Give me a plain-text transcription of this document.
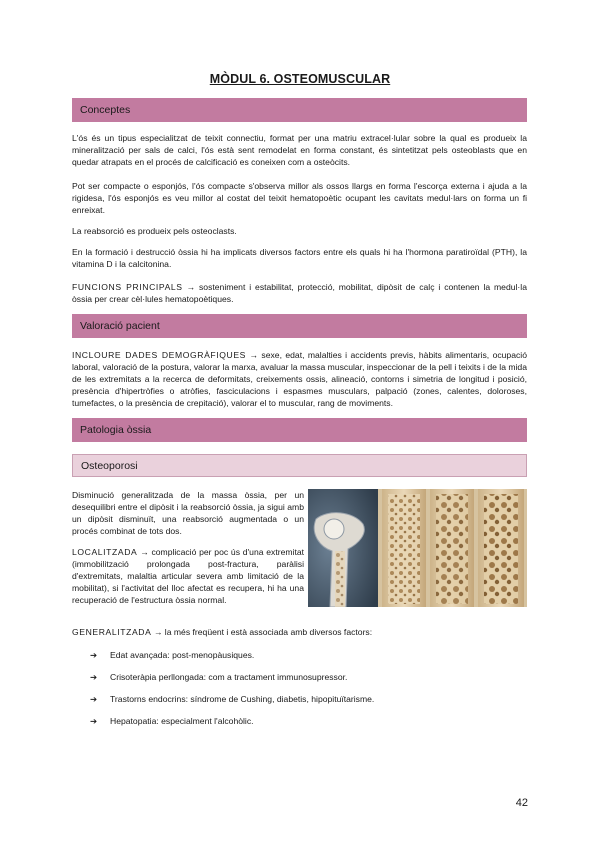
MÒDUL 6. OSTEOMUSCULAR
Conceptes

L'ós és un tipus especialitzat de teixit connectiu, format per una matriu extracel·lular sobre la qual es produeix la mineralització per sals de calci, l'ós està sent remodelat en forma constant, és sintetitzat pels osteoblasts que en quedar atrapats en el procés de calcificació es coneixen com a osteòcits.

Pot ser compacte o esponjós, l'ós compacte s'observa millor als ossos llargs en forma l'escorça externa i ajuda a la rigidesa, l'ós esponjós es veu millor al costat del teixit hematopoètic ocupant les cavitats medul·lars on forma un fi enreixat.

La reabsorció es produeix pels osteoclasts.

En la formació i destrucció òssia hi ha implicats diversos factors entre els quals hi ha l'hormona paratiroïdal (PTH), la vitamina D i la calcitonina.

FUNCIONS PRINCIPALS → sosteniment i estabilitat, protecció, mobilitat, dipòsit de calç i contenen la medul·la òssia per crear cèl·lules hematopoètiques.

Valoració pacient

INCLOURE DADES DEMOGRÀFIQUES → sexe, edat, malalties i accidents previs, hàbits alimentaris, ocupació laboral, valoració de la postura, valorar la marxa, avaluar la massa muscular, inspeccionar de la pell i teixits i de la mida de les extremitats a la recerca de deformitats, creixements ossis, alineació, contorns i simetria de longitud i posició, presència d'hipertròfies o atròfies, fasciculacions i espasmes musculars, palpació (zones, calentes, doloroses, tumefactes, o la presència de crepitació), valorar el to muscular, rang de moviments.

Patologia òssia
Osteoporosi

Disminució generalitzada de la massa òssia, per un desequilibri entre el dipòsit i la reabsorció òssia, ja sigui amb un dipòsit disminuït, una reabsorció augmentada o un procés combinat de tots dos.

LOCALITZADA → complicació per poc ús d'una extremitat (immobilització prolongada post-fractura, paràlisi d'extremitats, malaltia articular severa amb limitació de la mobilitat), si l'activitat del lloc afectat es recupera, hi ha una recuperació de l'estructura òssia normal.

GENERALITZADA → la més freqüent i està associada amb diversos factors:

➔ Edat avançada: post-menopàusiques.
➔ Crisoteràpia perllongada: com a tractament immunosupressor.
➔ Trastorns endocrins: síndrome de Cushing, diabetis, hipopituïtarisme.
➔ Hepatopatia: especialment l'alcohòlic.
42
